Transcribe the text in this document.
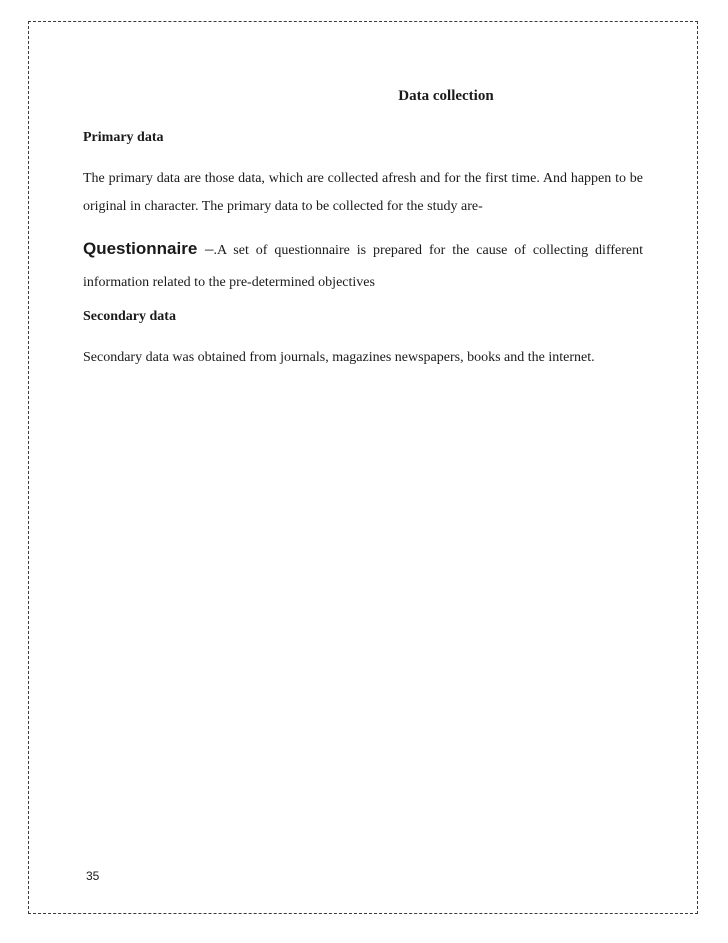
Data collection
Primary data

The primary data are those data, which are collected afresh and for the first time. And happen to be original in character. The primary data to be collected for the study are-

Questionnaire –.A set of questionnaire is prepared for the cause of collecting different information related to the pre-determined objectives

Secondary data

Secondary data was obtained from journals, magazines newspapers, books and the internet.

35
